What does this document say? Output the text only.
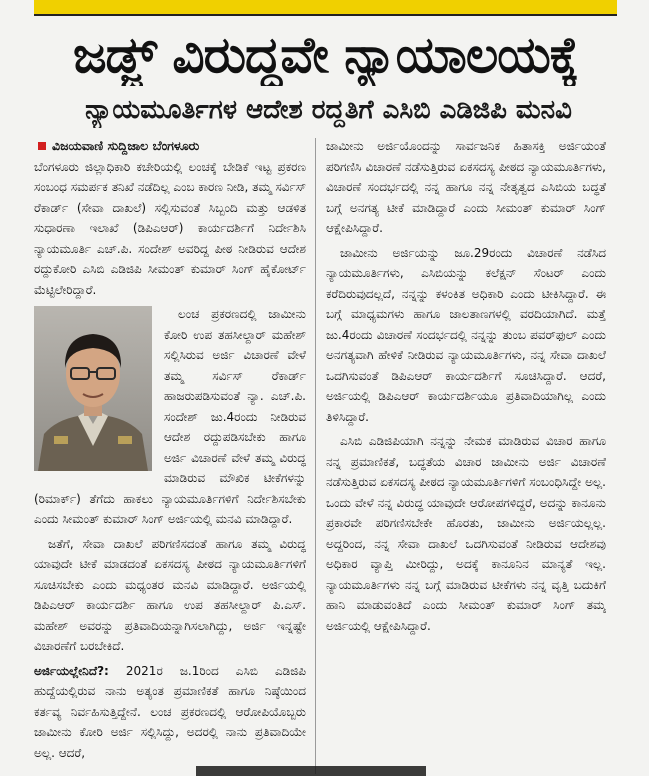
ಜಡ್ಜ್ ವಿರುದ್ಧವೇ ನ್ಯಾಯಾಲಯಕ್ಕೆ
ನ್ಯಾಯಮೂರ್ತಿಗಳ ಆದೇಶ ರದ್ದತಿಗೆ ಎಸಿಬಿ ಎಡಿಜಿಪಿ ಮನವಿ

ವಿಜಯವಾಣಿ ಸುದ್ದಿಜಾಲ ಬೆಂಗಳೂರು

ಬೆಂಗಳೂರು ಜಿಲ್ಲಾಧಿಕಾರಿ ಕಚೇರಿಯಲ್ಲಿ ಲಂಚಕ್ಕೆ ಬೇಡಿಕೆ ಇಟ್ಟ ಪ್ರಕರಣ ಸಂಬಂಧ ಸಮರ್ಪಕ ತನಿಖೆ ನಡೆದಿಲ್ಲ ಎಂಬ ಕಾರಣ ನೀಡಿ, ತಮ್ಮ ಸರ್ವಿಸ್ ರೆಕಾರ್ಡ್ (ಸೇವಾ ದಾಖಲೆ) ಸಲ್ಲಿಸುವಂತೆ ಸಿಬ್ಬಂದಿ ಮತ್ತು ಆಡಳಿತ ಸುಧಾರಣಾ ಇಲಾಖೆ (ಡಿಪಿಎಆರ್) ಕಾರ್ಯದರ್ಶಿಗೆ ನಿರ್ದೇಶಿಸಿ ನ್ಯಾಯಮೂರ್ತಿ ಎಚ್.ಪಿ. ಸಂದೇಶ್ ಅವರಿದ್ದ ಪೀಠ ನೀಡಿರುವ ಆದೇಶ ರದ್ದುಕೋರಿ ಎಸಿಬಿ ಎಡಿಜಿಪಿ ಸೀಮಂತ್ ಕುಮಾರ್ ಸಿಂಗ್ ಹೈಕೋರ್ಟ್ ಮೆಟ್ಟಿಲೇರಿದ್ದಾರೆ.

ಲಂಚ ಪ್ರಕರಣದಲ್ಲಿ ಜಾಮೀನು ಕೋರಿ ಉಪ ತಹಸೀಲ್ದಾರ್ ಮಹೇಶ್ ಸಲ್ಲಿಸಿರುವ ಅರ್ಜಿ ವಿಚಾರಣೆ ವೇಳೆ ತಮ್ಮ ಸರ್ವಿಸ್ ರೆಕಾರ್ಡ್ ಹಾಜರುಪಡಿಸುವಂತೆ ನ್ಯಾ. ಎಚ್.ಪಿ. ಸಂದೇಶ್ ಜು.4ರಂದು ನೀಡಿರುವ ಆದೇಶ ರದ್ದುಪಡಿಸಬೇಕು ಹಾಗೂ ಅರ್ಜಿ ವಿಚಾರಣೆ ವೇಳೆ ತಮ್ಮ ವಿರುದ್ಧ ಮಾಡಿರುವ ಮೌಖಿಕ ಟೀಕೆಗಳನ್ನು (ರಿಮಾರ್ಕ್) ತೆಗೆದು ಹಾಕಲು ನ್ಯಾಯಮೂರ್ತಿಗಳಿಗೆ ನಿರ್ದೇಶಿಸಬೇಕು ಎಂದು ಸೀಮಂತ್ ಕುಮಾರ್ ಸಿಂಗ್ ಅರ್ಜಿಯಲ್ಲಿ ಮನವಿ ಮಾಡಿದ್ದಾರೆ.

ಜತೆಗೆ, ಸೇವಾ ದಾಖಲೆ ಪರಿಗಣಿಸದಂತೆ ಹಾಗೂ ತಮ್ಮ ವಿರುದ್ಧ ಯಾವುದೇ ಟೀಕೆ ಮಾಡದಂತೆ ಏಕಸದಸ್ಯ ಪೀಠದ ನ್ಯಾಯಮೂರ್ತಿಗಳಿಗೆ ಸೂಚಿಸಬೇಕು ಎಂದು ಮಧ್ಯಂತರ ಮನವಿ ಮಾಡಿದ್ದಾರೆ. ಅರ್ಜಿಯಲ್ಲಿ ಡಿಪಿಎಆರ್ ಕಾರ್ಯದರ್ಶಿ ಹಾಗೂ ಉಪ ತಹಸೀಲ್ದಾರ್ ಪಿ.ಎಸ್. ಮಹೇಶ್ ಅವರನ್ನು ಪ್ರತಿವಾದಿಯನ್ನಾಗಿಸಲಾಗಿದ್ದು, ಅರ್ಜಿ ಇನ್ನಷ್ಟೇ ವಿಚಾರಣೆಗೆ ಬರಬೇಕಿದೆ.

ಅರ್ಜಿಯಲ್ಲೇನಿದೆ?: 2021ರ ಜ.1ರಿಂದ ಎಸಿಬಿ ಎಡಿಜಿಪಿ ಹುದ್ದೆಯಲ್ಲಿರುವ ನಾನು ಅತ್ಯಂತ ಪ್ರಮಾಣಿಕತೆ ಹಾಗೂ ನಿಷ್ಠೆಯಿಂದ ಕರ್ತವ್ಯ ನಿರ್ವಹಿಸುತ್ತಿದ್ದೇನೆ. ಲಂಚ ಪ್ರಕರಣದಲ್ಲಿ ಆರೋಪಿಯೊಬ್ಬರು ಜಾಮೀನು ಕೋರಿ ಅರ್ಜಿ ಸಲ್ಲಿಸಿದ್ದು, ಅದರಲ್ಲಿ ನಾನು ಪ್ರತಿವಾದಿಯೇ ಅಲ್ಲ. ಆದರೆ,

ಜಾಮೀನು ಅರ್ಜಿಯೊಂದನ್ನು ಸಾರ್ವಜನಿಕ ಹಿತಾಸಕ್ತಿ ಅರ್ಜಿಯಂತೆ ಪರಿಗಣಿಸಿ ವಿಚಾರಣೆ ನಡೆಸುತ್ತಿರುವ ಏಕಸದಸ್ಯ ಪೀಠದ ನ್ಯಾಯಮೂರ್ತಿಗಳು, ವಿಚಾರಣೆ ಸಂದರ್ಭದಲ್ಲಿ ನನ್ನ ಹಾಗೂ ನನ್ನ ನೇತೃತ್ವದ ಎಸಿಬಿಯ ಬದ್ಧತೆ ಬಗ್ಗೆ ಅನಗತ್ಯ ಟೀಕೆ ಮಾಡಿದ್ದಾರೆ ಎಂದು ಸೀಮಂತ್ ಕುಮಾರ್ ಸಿಂಗ್ ಆಕ್ಷೇಪಿಸಿದ್ದಾರೆ.

ಜಾಮೀನು ಅರ್ಜಿಯನ್ನು ಜೂ.29ರಂದು ವಿಚಾರಣೆ ನಡೆಸಿದ ನ್ಯಾಯಮೂರ್ತಿಗಳು, ಎಸಿಬಿಯನ್ನು ಕಲೆಕ್ಷನ್ ಸೆಂಟರ್ ಎಂದು ಕರೆದಿರುವುದಲ್ಲದೆ, ನನ್ನನ್ನು ಕಳಂಕಿತ ಅಧಿಕಾರಿ ಎಂದು ಟೀಕಿಸಿದ್ದಾರೆ. ಈ ಬಗ್ಗೆ ಮಾಧ್ಯಮಗಳು ಹಾಗೂ ಜಾಲತಾಣಗಳಲ್ಲಿ ವರದಿಯಾಗಿದೆ. ಮತ್ತೆ ಜು.4ರಂದು ವಿಚಾರಣೆ ಸಂದರ್ಭದಲ್ಲಿ ನನ್ನನ್ನು ತುಂಬ ಪವರ್‌ಫುಲ್ ಎಂದು ಅನಗತ್ಯವಾಗಿ ಹೇಳಿಕೆ ನೀಡಿರುವ ನ್ಯಾಯಮೂರ್ತಿಗಳು, ನನ್ನ ಸೇವಾ ದಾಖಲೆ ಒದಗಿಸುವಂತೆ ಡಿಪಿಎಆರ್ ಕಾರ್ಯದರ್ಶಿಗೆ ಸೂಚಿಸಿದ್ದಾರೆ. ಆದರೆ, ಅರ್ಜಿಯಲ್ಲಿ ಡಿಪಿಎಆರ್ ಕಾರ್ಯದರ್ಶಿಯೂ ಪ್ರತಿವಾದಿಯಾಗಿಲ್ಲ ಎಂದು ತಿಳಿಸಿದ್ದಾರೆ.

ಎಸಿಬಿ ಎಡಿಜಿಪಿಯಾಗಿ ನನ್ನನ್ನು ನೇಮಕ ಮಾಡಿರುವ ವಿಚಾರ ಹಾಗೂ ನನ್ನ ಪ್ರಮಾಣಿಕತೆ, ಬದ್ಧತೆಯ ವಿಚಾರ ಜಾಮೀನು ಅರ್ಜಿ ವಿಚಾರಣೆ ನಡೆಸುತ್ತಿರುವ ಏಕಸದಸ್ಯ ಪೀಠದ ನ್ಯಾಯಮೂರ್ತಿಗಳಿಗೆ ಸಂಬಂಧಿಸಿದ್ದೇ ಅಲ್ಲ. ಒಂದು ವೇಳೆ ನನ್ನ ವಿರುದ್ಧ ಯಾವುದೇ ಆರೋಪಗಳಿದ್ದರೆ, ಅದನ್ನು ಕಾನೂನು ಪ್ರಕಾರವೇ ಪರಿಗಣಿಸಬೇಕೇ ಹೊರತು, ಜಾಮೀನು ಅರ್ಜಿಯಲ್ಲಲ್ಲ. ಅದ್ದರಿಂದ, ನನ್ನ ಸೇವಾ ದಾಖಲೆ ಒದಗಿಸುವಂತೆ ನೀಡಿರುವ ಆದೇಶವು ಅಧಿಕಾರ ವ್ಯಾಪ್ತಿ ಮೀರಿದ್ದು, ಅದಕ್ಕೆ ಕಾನೂನಿನ ಮಾನ್ಯತೆ ಇಲ್ಲ. ನ್ಯಾಯಮೂರ್ತಿಗಳು ನನ್ನ ಬಗ್ಗೆ ಮಾಡಿರುವ ಟೀಕೆಗಳು ನನ್ನ ವೃತ್ತಿ ಬದುಕಿಗೆ ಹಾನಿ ಮಾಡುವಂತಿದೆ ಎಂದು ಸೀಮಂತ್ ಕುಮಾರ್ ಸಿಂಗ್ ತಮ್ಮ ಅರ್ಜಿಯಲ್ಲಿ ಆಕ್ಷೇಪಿಸಿದ್ದಾರೆ.
